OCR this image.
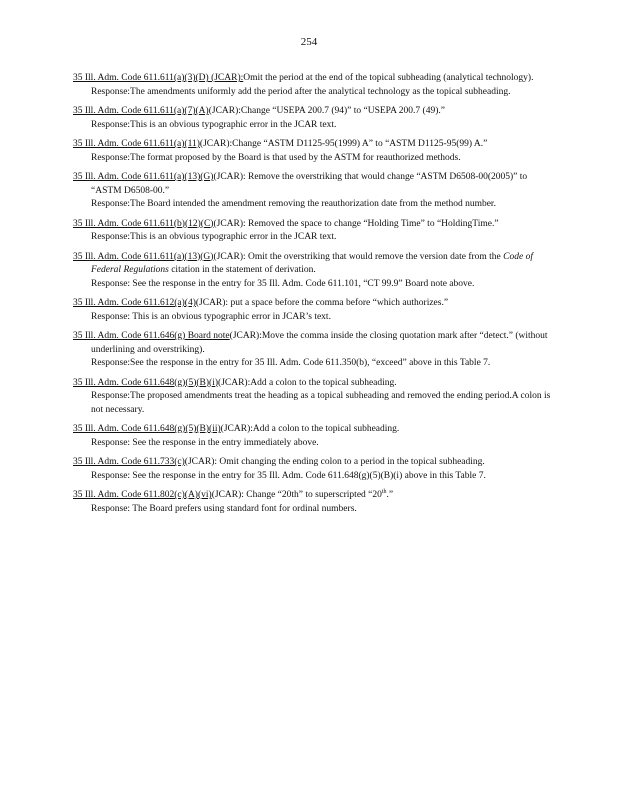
254
35 Ill. Adm. Code 611.611(a)(3)(D) (JCAR):Omit the period at the end of the topical subheading (analytical technology).
Response:The amendments uniformly add the period after the analytical technology as the topical subheading.
35 Ill. Adm. Code 611.611(a)(7)(A)(JCAR):Change “USEPA 200.7 (94)” to “USEPA 200.7 (49).”
Response:This is an obvious typographic error in the JCAR text.
35 Ill. Adm. Code 611.611(a)(11)(JCAR):Change “ASTM D1125-95(1999) A” to “ASTM D1125-95(99) A.”
Response:The format proposed by the Board is that used by the ASTM for reauthorized methods.
35 Ill. Adm. Code 611.611(a)(13)(G)(JCAR): Remove the overstriking that would change “ASTM D6508-00(2005)” to “ASTM D6508-00.”
Response:The Board intended the amendment removing the reauthorization date from the method number.
35 Ill. Adm. Code 611.611(b)(12)(C)(JCAR): Removed the space to change “Holding Time” to “HoldingTime.”
Response:This is an obvious typographic error in the JCAR text.
35 Ill. Adm. Code 611.611(a)(13)(G)(JCAR): Omit the overstriking that would remove the version date from the Code of Federal Regulations citation in the statement of derivation.
Response: See the response in the entry for 35 Ill. Adm. Code 611.101, “CT 99.9” Board note above.
35 Ill. Adm. Code 611.612(a)(4)(JCAR): put a space before the comma before “which authorizes.”
Response: This is an obvious typographic error in JCAR’s text.
35 Ill. Adm. Code 611.646(g) Board note(JCAR):Move the comma inside the closing quotation mark after “detect.” (without underlining and overstriking).
Response:See the response in the entry for 35 Ill. Adm. Code 611.350(b), “exceed” above in this Table 7.
35 Ill. Adm. Code 611.648(g)(5)(B)(i)(JCAR):Add a colon to the topical subheading.
Response:The proposed amendments treat the heading as a topical subheading and removed the ending period.A colon is not necessary.
35 Ill. Adm. Code 611.648(g)(5)(B)(ii)(JCAR):Add a colon to the topical subheading.
Response: See the response in the entry immediately above.
35 Ill. Adm. Code 611.733(c)(JCAR): Omit changing the ending colon to a period in the topical subheading.
Response: See the response in the entry for 35 Ill. Adm. Code 611.648(g)(5)(B)(i) above in this Table 7.
35 Ill. Adm. Code 611.802(c)(A)(vi)(JCAR): Change “20th” to superscripted “20th.”
Response: The Board prefers using standard font for ordinal numbers.
